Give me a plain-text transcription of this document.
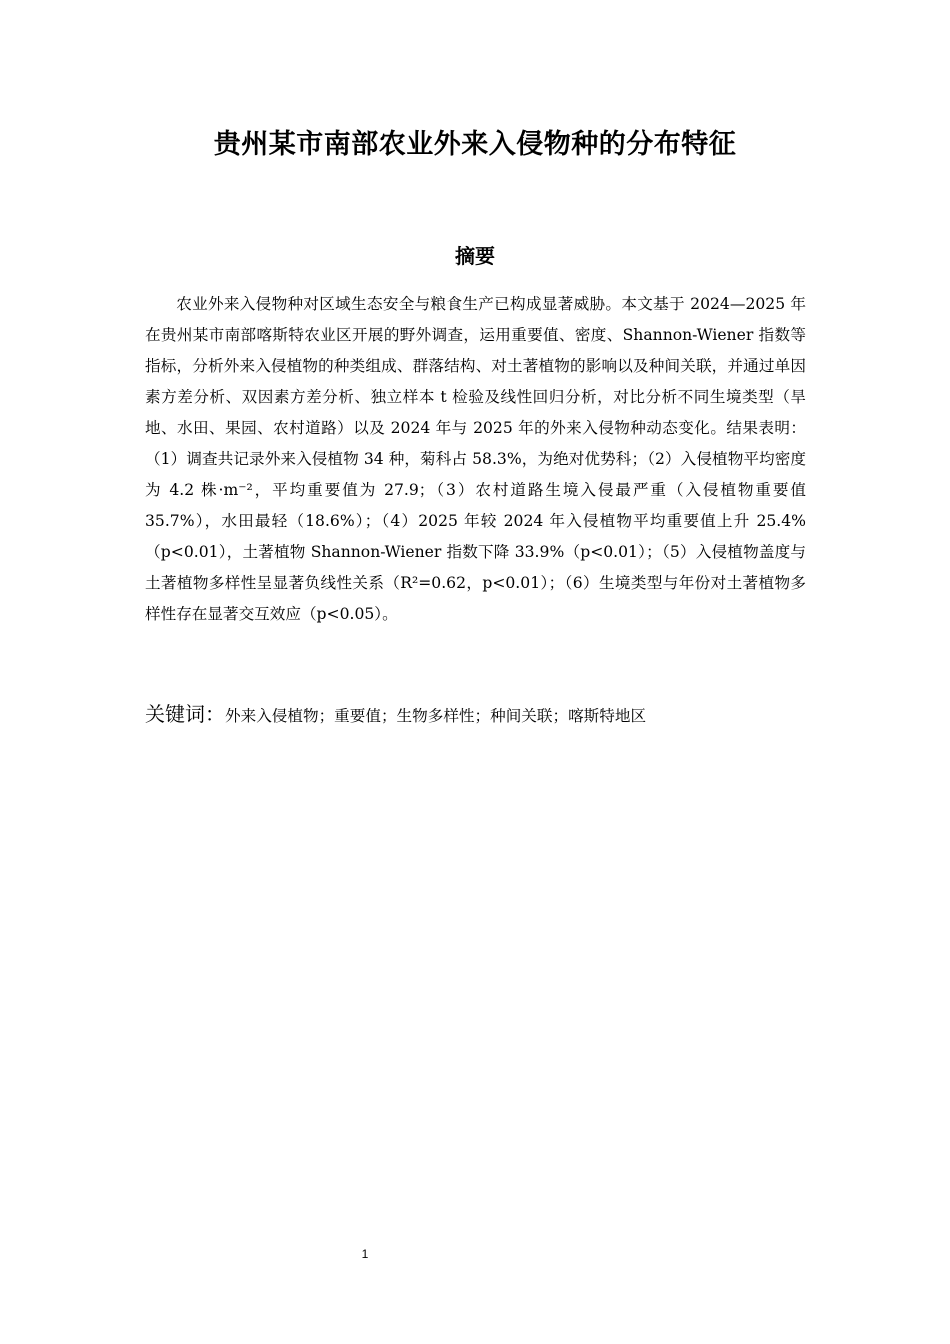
贵州某市南部农业外来入侵物种的分布特征
摘要

农业外来入侵物种对区域生态安全与粮食生产已构成显著威胁。本文基于 2024—2025 年在贵州某市南部喀斯特农业区开展的野外调查，运用重要值、密度、Shannon-Wiener 指数等指标，分析外来入侵植物的种类组成、群落结构、对土著植物的影响以及种间关联，并通过单因素方差分析、双因素方差分析、独立样本 t 检验及线性回归分析，对比分析不同生境类型（旱地、水田、果园、农村道路）以及 2024 年与 2025 年的外来入侵物种动态变化。结果表明：（1）调查共记录外来入侵植物 34 种，菊科占 58.3%，为绝对优势科；（2）入侵植物平均密度为 4.2 株·m⁻²，平均重要值为 27.9；（3）农村道路生境入侵最严重（入侵植物重要值 35.7%），水田最轻（18.6%）；（4）2025 年较 2024 年入侵植物平均重要值上升 25.4%（p<0.01），土著植物 Shannon-Wiener 指数下降 33.9%（p<0.01）；（5）入侵植物盖度与土著植物多样性呈显著负线性关系（R²=0.62，p<0.01）；（6）生境类型与年份对土著植物多样性存在显著交互效应（p<0.05）。

关键词：外来入侵植物；重要值；生物多样性；种间关联；喀斯特地区

1
